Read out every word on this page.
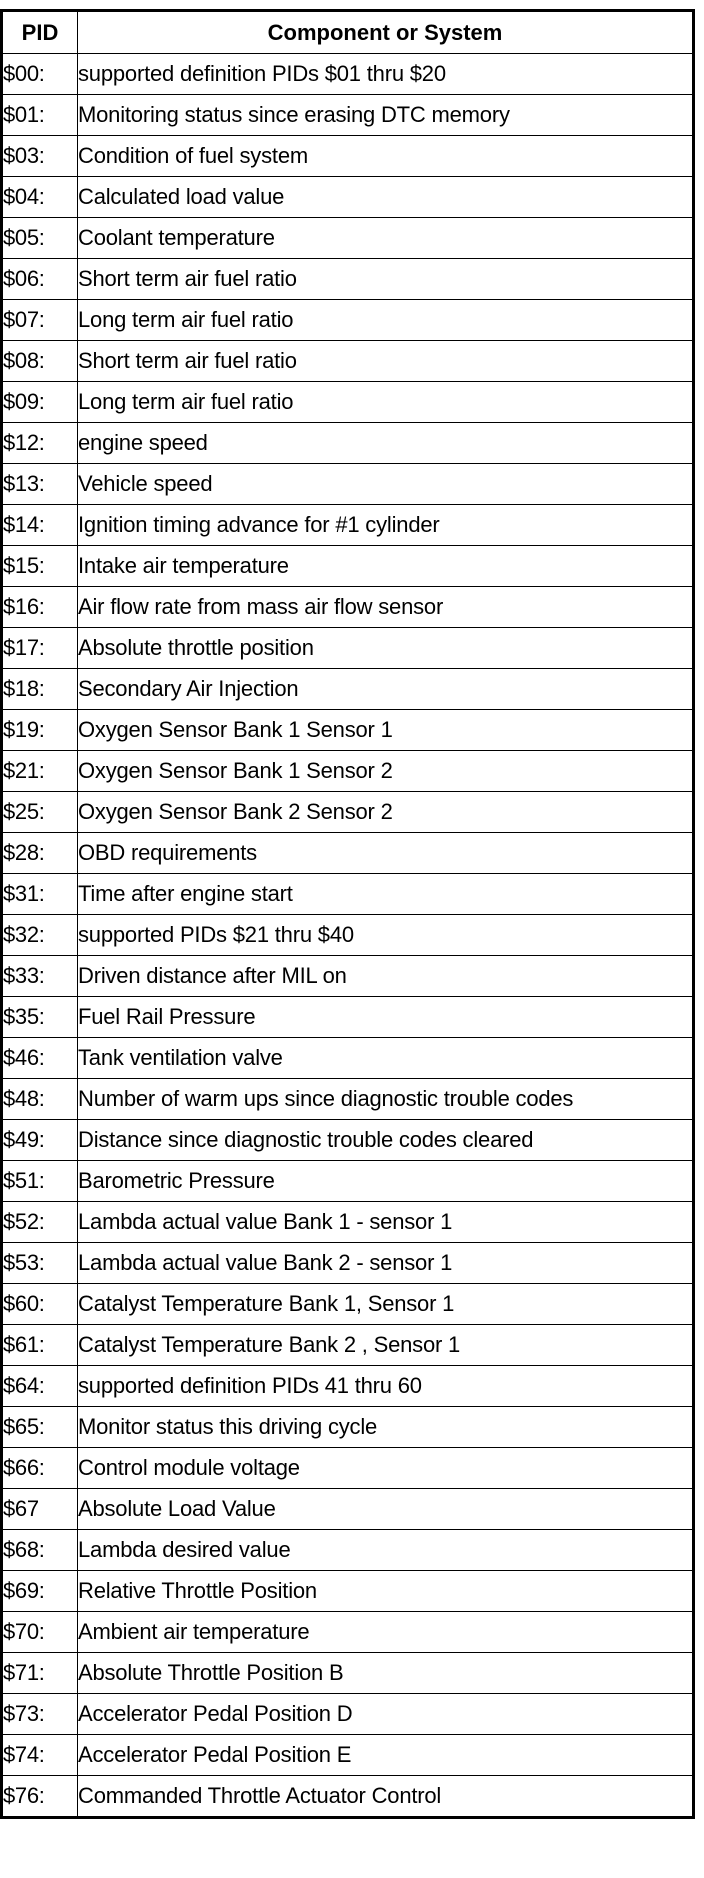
PID	Component or System
$00:	supported definition PIDs $01 thru $20
$01:	Monitoring status since erasing DTC memory
$03:	Condition of fuel system
$04:	Calculated load value
$05:	Coolant temperature
$06:	Short term air fuel ratio
$07:	Long term air fuel ratio
$08:	Short term air fuel ratio
$09:	Long term air fuel ratio
$12:	engine speed
$13:	Vehicle speed
$14:	Ignition timing advance for #1 cylinder
$15:	Intake air temperature
$16:	Air flow rate from mass air flow sensor
$17:	Absolute throttle position
$18:	Secondary Air Injection
$19:	Oxygen Sensor Bank 1 Sensor 1
$21:	Oxygen Sensor Bank 1 Sensor 2
$25:	Oxygen Sensor Bank 2 Sensor 2
$28:	OBD requirements
$31:	Time after engine start
$32:	supported PIDs $21 thru $40
$33:	Driven distance after MIL on
$35:	Fuel Rail Pressure
$46:	Tank ventilation valve
$48:	Number of warm ups since diagnostic trouble codes
$49:	Distance since diagnostic trouble codes cleared
$51:	Barometric Pressure
$52:	Lambda actual value Bank 1 - sensor 1
$53:	Lambda actual value Bank 2 - sensor 1
$60:	Catalyst Temperature Bank 1, Sensor 1
$61:	Catalyst Temperature Bank 2 , Sensor 1
$64:	supported definition PIDs 41 thru 60
$65:	Monitor status this driving cycle
$66:	Control module voltage
$67	Absolute Load Value
$68:	Lambda desired value
$69:	Relative Throttle Position
$70:	Ambient air temperature
$71:	Absolute Throttle Position B
$73:	Accelerator Pedal Position D
$74:	Accelerator Pedal Position E
$76:	Commanded Throttle Actuator Control
